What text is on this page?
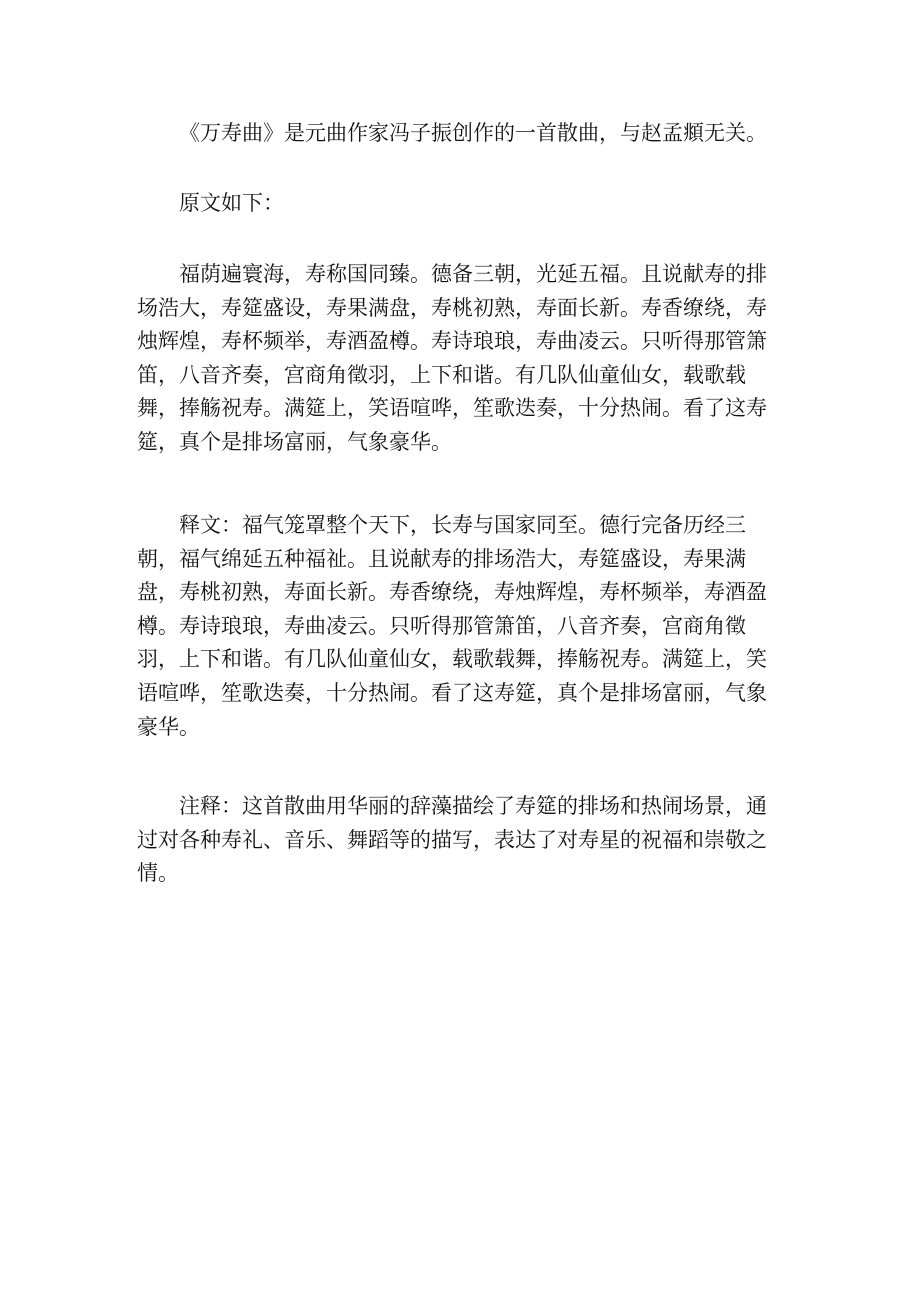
《万寿曲》是元曲作家冯子振创作的一首散曲，与赵孟頫无关。

原文如下：

福荫遍寰海，寿称国同臻。德备三朝，光延五福。且说献寿的排场浩大，寿筵盛设，寿果满盘，寿桃初熟，寿面长新。寿香缭绕，寿烛辉煌，寿杯频举，寿酒盈樽。寿诗琅琅，寿曲凌云。只听得那管箫笛，八音齐奏，宫商角徵羽，上下和谐。有几队仙童仙女，载歌载舞，捧觞祝寿。满筵上，笑语喧哗，笙歌迭奏，十分热闹。看了这寿筵，真个是排场富丽，气象豪华。

释文：福气笼罩整个天下，长寿与国家同至。德行完备历经三朝，福气绵延五种福祉。且说献寿的排场浩大，寿筵盛设，寿果满盘，寿桃初熟，寿面长新。寿香缭绕，寿烛辉煌，寿杯频举，寿酒盈樽。寿诗琅琅，寿曲凌云。只听得那管箫笛，八音齐奏，宫商角徵羽，上下和谐。有几队仙童仙女，载歌载舞，捧觞祝寿。满筵上，笑语喧哗，笙歌迭奏，十分热闹。看了这寿筵，真个是排场富丽，气象豪华。

注释：这首散曲用华丽的辞藻描绘了寿筵的排场和热闹场景，通过对各种寿礼、音乐、舞蹈等的描写，表达了对寿星的祝福和崇敬之情。
